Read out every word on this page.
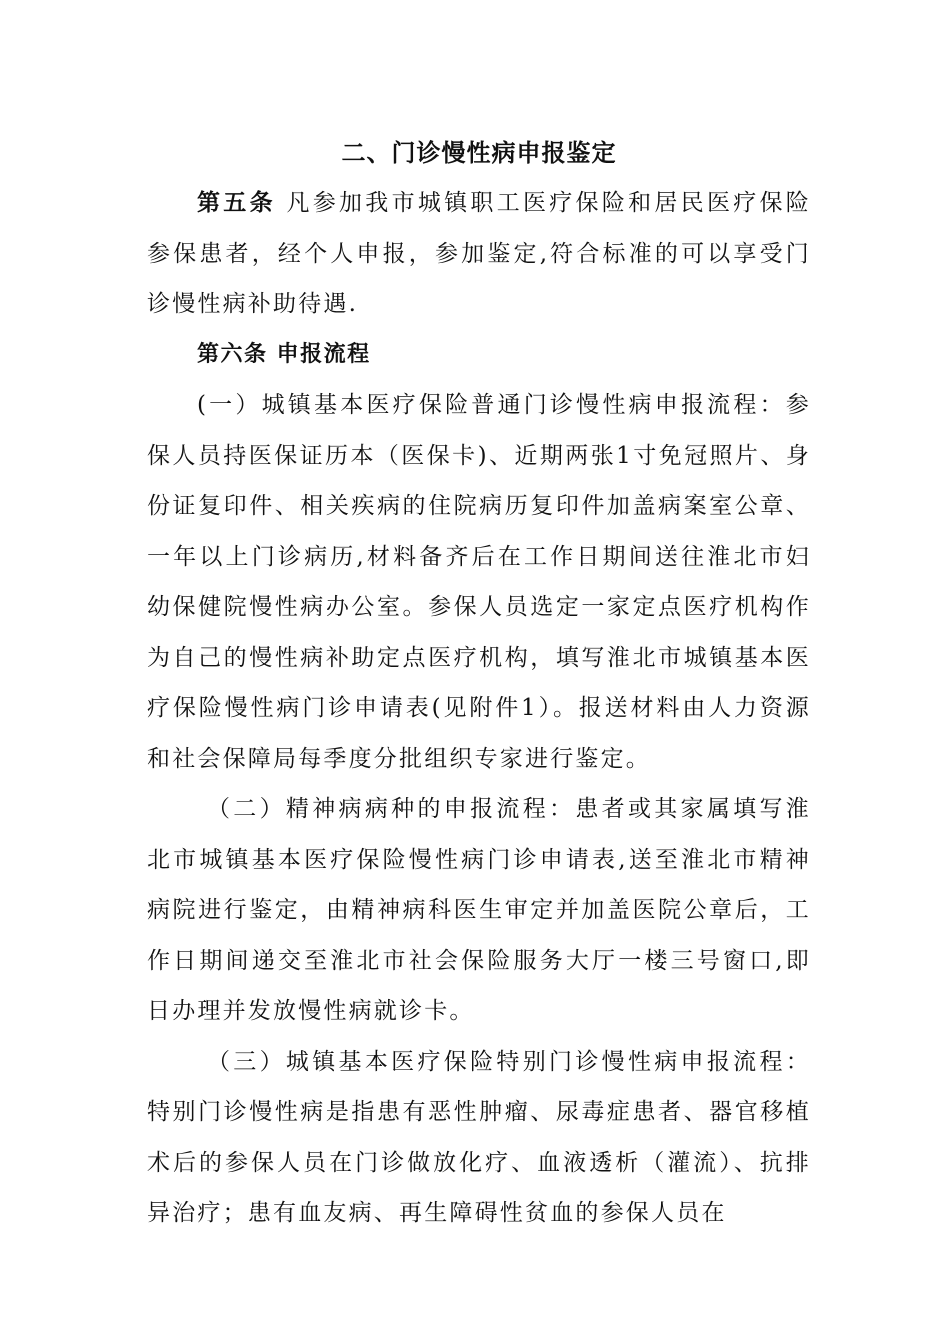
二、门诊慢性病申报鉴定

第五条 凡参加我市城镇职工医疗保险和居民医疗保险参保患者，经个人申报，参加鉴定,符合标准的可以享受门诊慢性病补助待遇.

第六条 申报流程

(一）城镇基本医疗保险普通门诊慢性病申报流程：参保人员持医保证历本（医保卡)、近期两张1寸免冠照片、身份证复印件、相关疾病的住院病历复印件加盖病案室公章、一年以上门诊病历,材料备齐后在工作日期间送往淮北市妇幼保健院慢性病办公室。参保人员选定一家定点医疗机构作为自己的慢性病补助定点医疗机构，填写淮北市城镇基本医疗保险慢性病门诊申请表(见附件1）。报送材料由人力资源和社会保障局每季度分批组织专家进行鉴定。

（二）精神病病种的申报流程：患者或其家属填写淮北市城镇基本医疗保险慢性病门诊申请表,送至淮北市精神病院进行鉴定，由精神病科医生审定并加盖医院公章后，工作日期间递交至淮北市社会保险服务大厅一楼三号窗口,即日办理并发放慢性病就诊卡。

（三）城镇基本医疗保险特别门诊慢性病申报流程：特别门诊慢性病是指患有恶性肿瘤、尿毒症患者、器官移植术后的参保人员在门诊做放化疗、血液透析（灌流）、抗排异治疗；患有血友病、再生障碍性贫血的参保人员在
